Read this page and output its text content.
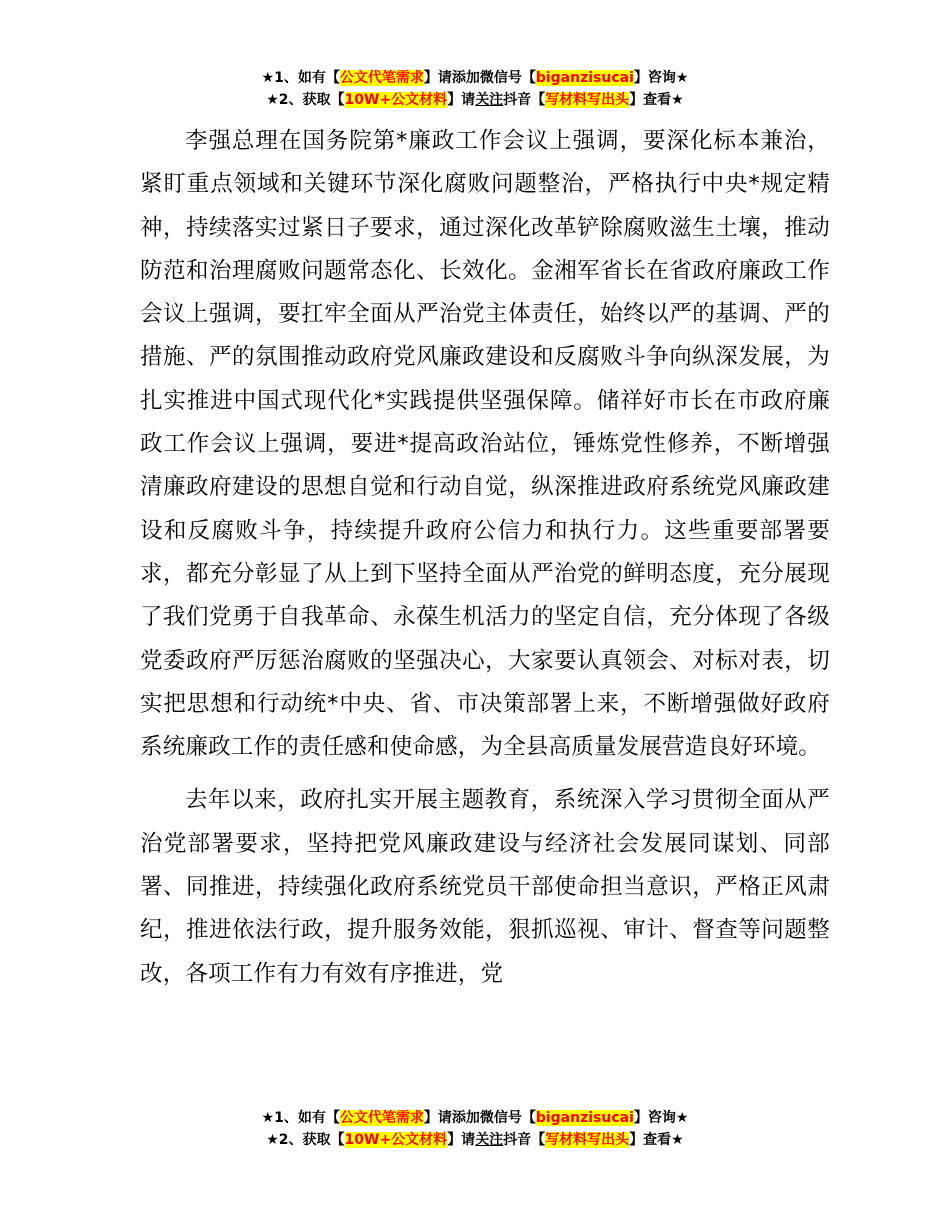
★1、如有【公文代笔需求】请添加微信号【biganzisucai】咨询★
★2、获取【10W+公文材料】请关注抖音【写材料写出头】查看★

李强总理在国务院第*廉政工作会议上强调，要深化标本兼治，紧盯重点领域和关键环节深化腐败问题整治，严格执行中央*规定精神，持续落实过紧日子要求，通过深化改革铲除腐败滋生土壤，推动防范和治理腐败问题常态化、长效化。金湘军省长在省政府廉政工作会议上强调，要扛牢全面从严治党主体责任，始终以严的基调、严的措施、严的氛围推动政府党风廉政建设和反腐败斗争向纵深发展，为扎实推进中国式现代化*实践提供坚强保障。储祥好市长在市政府廉政工作会议上强调，要进*提高政治站位，锤炼党性修养，不断增强清廉政府建设的思想自觉和行动自觉，纵深推进政府系统党风廉政建设和反腐败斗争，持续提升政府公信力和执行力。这些重要部署要求，都充分彰显了从上到下坚持全面从严治党的鲜明态度，充分展现了我们党勇于自我革命、永葆生机活力的坚定自信，充分体现了各级党委政府严厉惩治腐败的坚强决心，大家要认真领会、对标对表，切实把思想和行动统*中央、省、市决策部署上来，不断增强做好政府系统廉政工作的责任感和使命感，为全县高质量发展营造良好环境。

去年以来，政府扎实开展主题教育，系统深入学习贯彻全面从严治党部署要求，坚持把党风廉政建设与经济社会发展同谋划、同部署、同推进，持续强化政府系统党员干部使命担当意识，严格正风肃纪，推进依法行政，提升服务效能，狠抓巡视、审计、督查等问题整改，各项工作有力有效有序推进，党

★1、如有【公文代笔需求】请添加微信号【biganzisucai】咨询★
★2、获取【10W+公文材料】请关注抖音【写材料写出头】查看★
